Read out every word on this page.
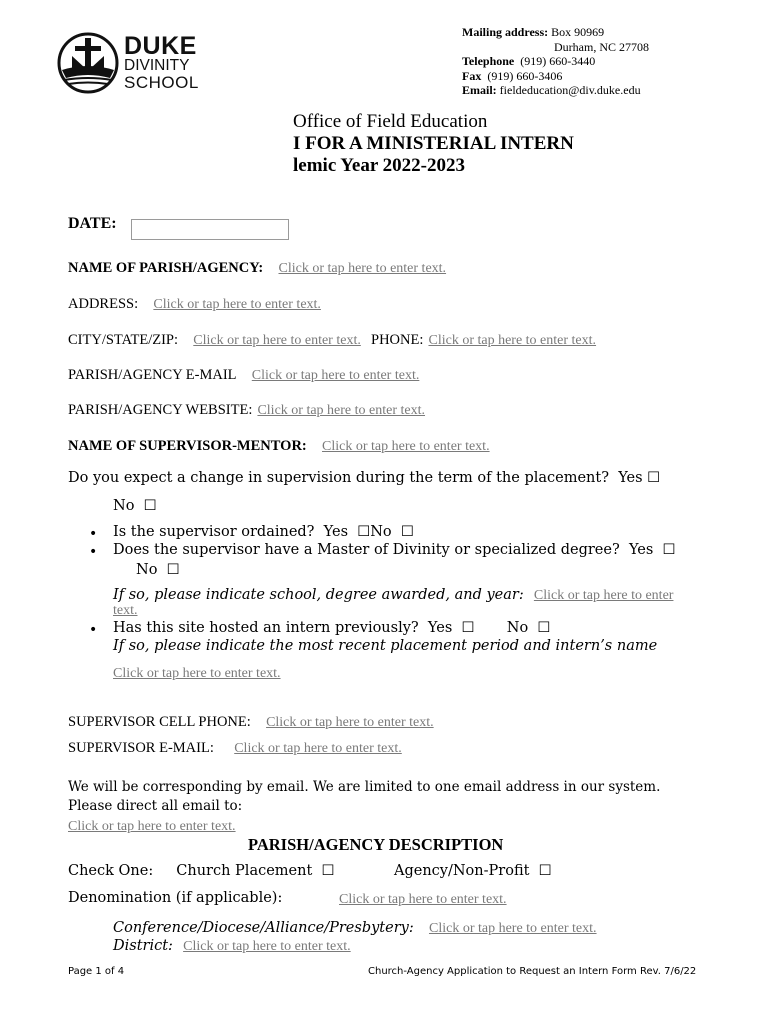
DUKE
DIVINITY
SCHOOL
Mailing address: Box 90969
Durham, NC 27708
Telephone (919) 660-3440
Fax (919) 660-3406
Email: fieldeducation@div.duke.edu
Office of Field Education
I FOR A MINISTERIAL INTERN
lemic Year 2022-2023
DATE:
NAME OF PARISH/AGENCY: Click or tap here to enter text.
ADDRESS: Click or tap here to enter text.
CITY/STATE/ZIP: Click or tap here to enter text. PHONE: Click or tap here to enter text.
PARISH/AGENCY E-MAIL Click or tap here to enter text.
PARISH/AGENCY WEBSITE: Click or tap here to enter text.
NAME OF SUPERVISOR-MENTOR: Click or tap here to enter text.
Do you expect a change in supervision during the term of the placement? Yes ☐
No ☐
• Is the supervisor ordained? Yes ☐No ☐
• Does the supervisor have a Master of Divinity or specialized degree? Yes ☐
No ☐
If so, please indicate school, degree awarded, and year: Click or tap here to enter
text.
• Has this site hosted an intern previously? Yes ☐ No ☐
If so, please indicate the most recent placement period and intern’s name
Click or tap here to enter text.
SUPERVISOR CELL PHONE: Click or tap here to enter text.
SUPERVISOR E-MAIL: Click or tap here to enter text.
We will be corresponding by email. We are limited to one email address in our system.
Please direct all email to:
Click or tap here to enter text.
PARISH/AGENCY DESCRIPTION
Check One: Church Placement ☐	Agency/Non-Profit ☐
Denomination (if applicable):	Click or tap here to enter text.
Conference/Diocese/Alliance/Presbytery: Click or tap here to enter text.
District: Click or tap here to enter text.
Page 1 of 4	Church-Agency Application to Request an Intern Form Rev. 7/6/22
